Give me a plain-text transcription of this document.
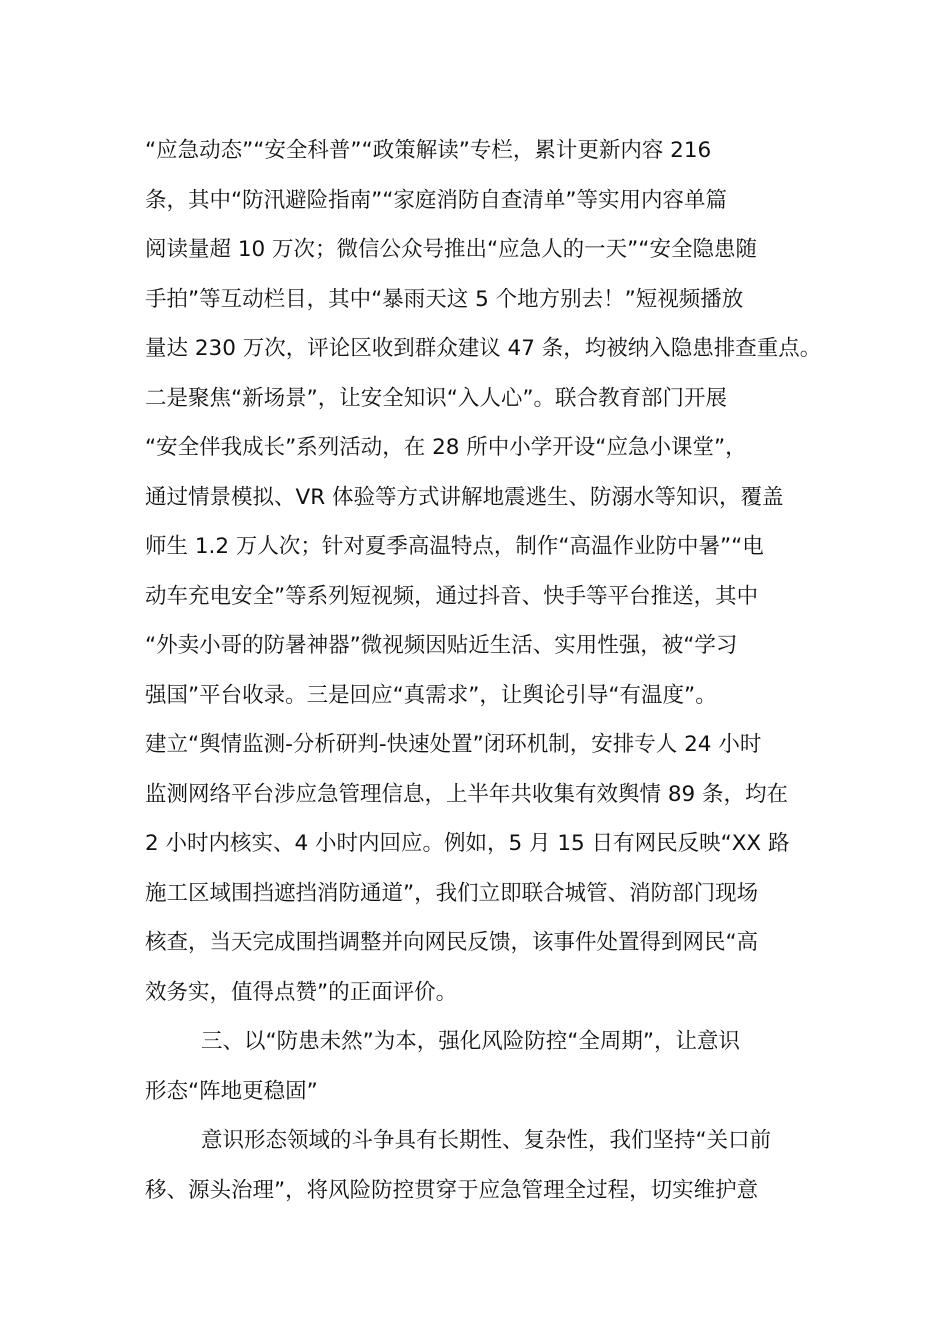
“应急动态”“安全科普”“政策解读”专栏，累计更新内容 216
条，其中“防汛避险指南”“家庭消防自查清单”等实用内容单篇
阅读量超 10 万次；微信公众号推出“应急人的一天”“安全隐患随
手拍”等互动栏目，其中“暴雨天这 5 个地方别去！”短视频播放
量达 230 万次，评论区收到群众建议 47 条，均被纳入隐患排查重点。
二是聚焦“新场景”，让安全知识“入人心”。联合教育部门开展
“安全伴我成长”系列活动，在 28 所中小学开设“应急小课堂”，
通过情景模拟、VR 体验等方式讲解地震逃生、防溺水等知识，覆盖
师生 1.2 万人次；针对夏季高温特点，制作“高温作业防中暑”“电
动车充电安全”等系列短视频，通过抖音、快手等平台推送，其中
“外卖小哥的防暑神器”微视频因贴近生活、实用性强，被“学习
强国”平台收录。三是回应“真需求”，让舆论引导“有温度”。
建立“舆情监测-分析研判-快速处置”闭环机制，安排专人 24 小时
监测网络平台涉应急管理信息，上半年共收集有效舆情 89 条，均在
2 小时内核实、4 小时内回应。例如，5 月 15 日有网民反映“XX 路
施工区域围挡遮挡消防通道”，我们立即联合城管、消防部门现场
核查，当天完成围挡调整并向网民反馈，该事件处置得到网民“高
效务实，值得点赞”的正面评价。
三、以“防患未然”为本，强化风险防控“全周期”，让意识
形态“阵地更稳固”
意识形态领域的斗争具有长期性、复杂性，我们坚持“关口前
移、源头治理”，将风险防控贯穿于应急管理全过程，切实维护意
